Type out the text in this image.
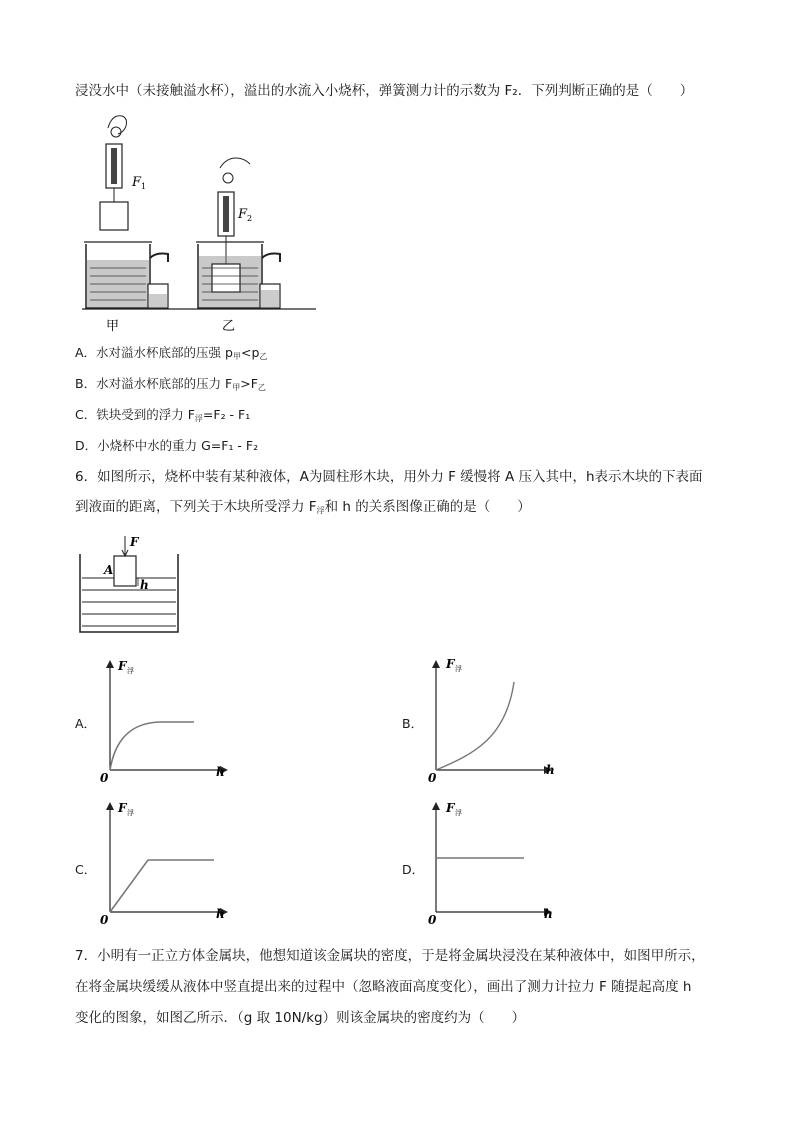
浸没水中（未接触溢水杯），溢出的水流入小烧杯，弹簧测力计的示数为 F₂．下列判断正确的是（　　）
F 1
F 2
甲	乙
A．水对溢水杯底部的压强 $p_甲<p_乙$
B．水对溢水杯底部的压力 $F_甲>F_乙$
C．铁块受到的浮力 $F_浮=F_2 - F_1$
D．小烧杯中水的重力 G=F₁ - F₂
6．如图所示，烧杯中装有某种液体，A为圆柱形木块，用外力 F 缓慢将 A 压入其中，h表示木块的下表面
到液面的距离，下列关于木块所受浮力 $F_浮$和 h 的关系图像正确的是（　　）
F
A
h
A．	B．
C．	D．
F 浮
0	h
F 浮
0
h
F 浮
0	h
F 浮
0	h
7．小明有一正立方体金属块，他想知道该金属块的密度，于是将金属块浸没在某种液体中，如图甲所示，
在将金属块缓缓从液体中竖直提出来的过程中（忽略液面高度变化），画出了测力计拉力 F 随提起高度 h
变化的图象，如图乙所示．（g 取 10N/kg）则该金属块的密度约为（　　）
